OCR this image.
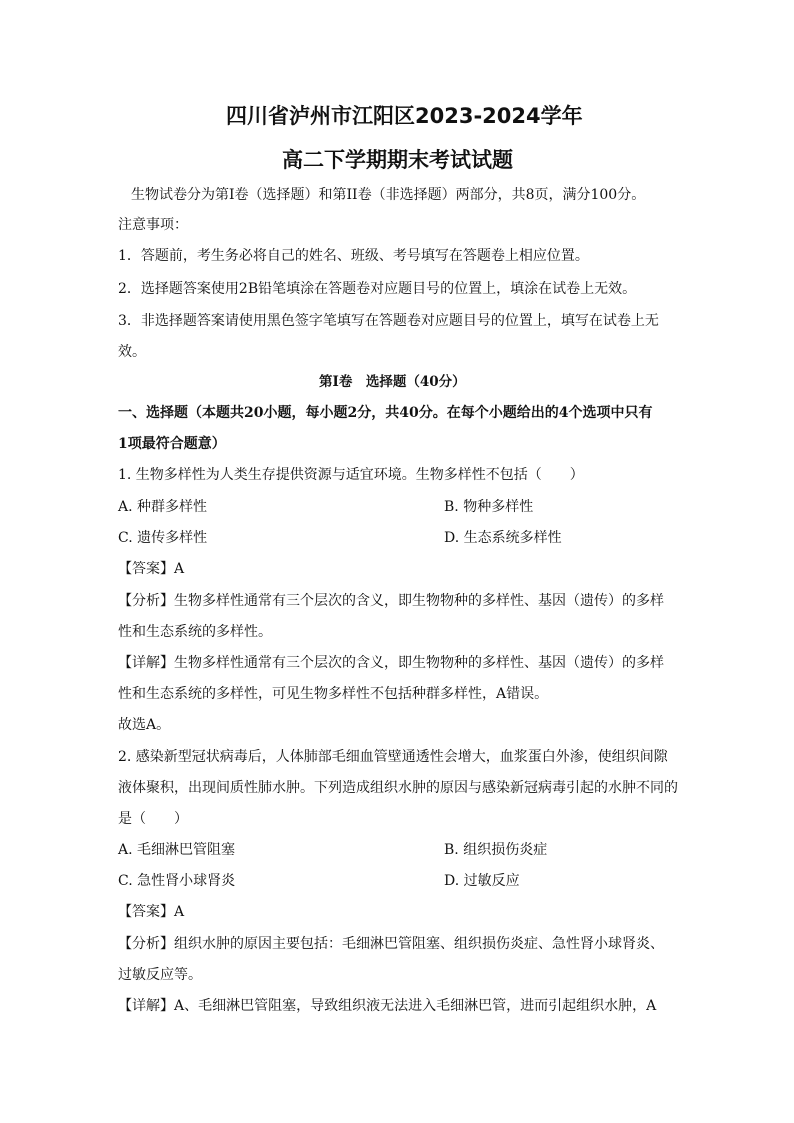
四川省泸州市江阳区2023-2024学年
高二下学期期末考试试题
生物试卷分为第I卷（选择题）和第II卷（非选择题）两部分，共8页，满分100分。
注意事项：
1．答题前，考生务必将自己的姓名、班级、考号填写在答题卷上相应位置。
2．选择题答案使用2B铅笔填涂在答题卷对应题目号的位置上，填涂在试卷上无效。
3．非选择题答案请使用黑色签字笔填写在答题卷对应题目号的位置上，填写在试卷上无
效。
第I卷　选择题（40分）
一、选择题（本题共20小题，每小题2分，共40分。在每个小题给出的4个选项中只有
1项最符合题意）
1. 生物多样性为人类生存提供资源与适宜环境。生物多样性不包括（　　）
A. 种群多样性	B. 物种多样性
C. 遗传多样性	D. 生态系统多样性
【答案】A
【分析】生物多样性通常有三个层次的含义，即生物物种的多样性、基因（遗传）的多样
性和生态系统的多样性。
【详解】生物多样性通常有三个层次的含义，即生物物种的多样性、基因（遗传）的多样
性和生态系统的多样性，可见生物多样性不包括种群多样性，A错误。
故选A。
2. 感染新型冠状病毒后，人体肺部毛细血管壁通透性会增大，血浆蛋白外渗，使组织间隙
液体聚积，出现间质性肺水肿。下列造成组织水肿的原因与感染新冠病毒引起的水肿不同的
是（　　）
A. 毛细淋巴管阻塞	B. 组织损伤炎症
C. 急性肾小球肾炎	D. 过敏反应
【答案】A
【分析】组织水肿的原因主要包括：毛细淋巴管阻塞、组织损伤炎症、急性肾小球肾炎、
过敏反应等。
【详解】A、毛细淋巴管阻塞，导致组织液无法进入毛细淋巴管，进而引起组织水肿，A
